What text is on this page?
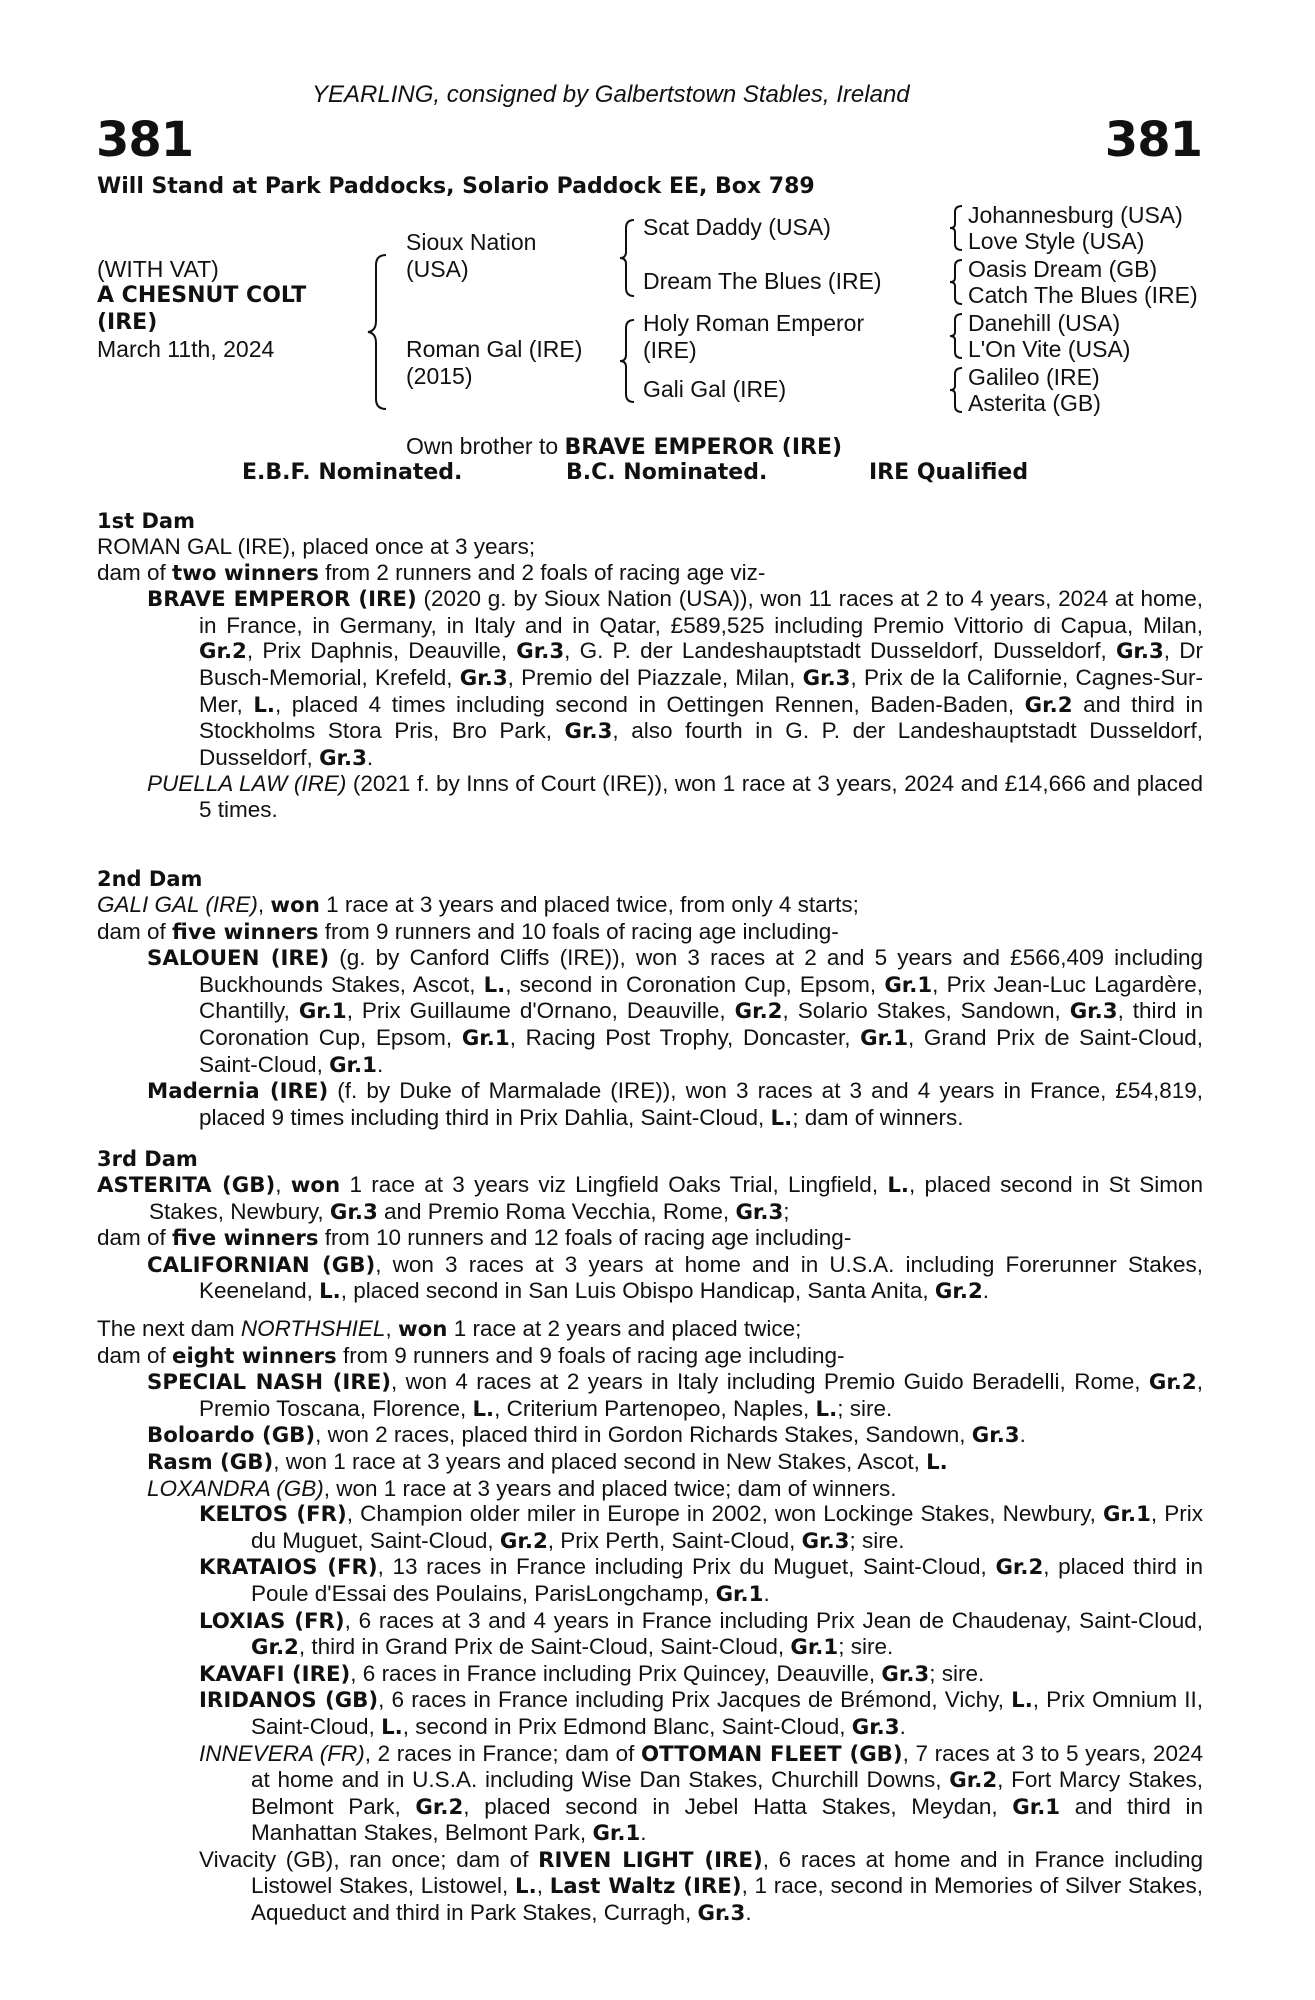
YEARLING, consigned by Galbertstown Stables, Ireland
381	381
Will Stand at Park Paddocks, Solario Paddock EE, Box 789
(WITH VAT)
A CHESNUT COLT
(IRE)
March 11th, 2024
Sioux Nation
(USA)
Roman Gal (IRE)
(2015)
Scat Daddy (USA)
Dream The Blues (IRE)
Holy Roman Emperor
(IRE)
Gali Gal (IRE)
Johannesburg (USA)
Love Style (USA)
Oasis Dream (GB)
Catch The Blues (IRE)
Danehill (USA)
L'On Vite (USA)
Galileo (IRE)
Asterita (GB)
Own brother to BRAVE EMPEROR (IRE)
E.B.F. Nominated.	B.C. Nominated.	IRE Qualified

1st Dam

ROMAN GAL (IRE), placed once at 3 years;

dam of two winners from 2 runners and 2 foals of racing age viz-

BRAVE EMPEROR (IRE) (2020 g. by Sioux Nation (USA)), won 11 races at 2 to 4 years, 2024 at home, in France, in Germany, in Italy and in Qatar, £589,525 including Premio Vittorio di Capua, Milan, Gr.2, Prix Daphnis, Deauville, Gr.3, G. P. der Landeshauptstadt Dusseldorf, Dusseldorf, Gr.3, Dr Busch-Memorial, Krefeld, Gr.3, Premio del Piazzale, Milan, Gr.3, Prix de la Californie, Cagnes-Sur-Mer, L., placed 4 times including second in Oettingen Rennen, Baden-Baden, Gr.2 and third in Stockholms Stora Pris, Bro Park, Gr.3, also fourth in G. P. der Landeshauptstadt Dusseldorf, Dusseldorf, Gr.3.

PUELLA LAW (IRE) (2021 f. by Inns of Court (IRE)), won 1 race at 3 years, 2024 and £14,666 and placed 5 times.

2nd Dam

GALI GAL (IRE), won 1 race at 3 years and placed twice, from only 4 starts;

dam of five winners from 9 runners and 10 foals of racing age including-

SALOUEN (IRE) (g. by Canford Cliffs (IRE)), won 3 races at 2 and 5 years and £566,409 including Buckhounds Stakes, Ascot, L., second in Coronation Cup, Epsom, Gr.1, Prix Jean-Luc Lagardère, Chantilly, Gr.1, Prix Guillaume d'Ornano, Deauville, Gr.2, Solario Stakes, Sandown, Gr.3, third in Coronation Cup, Epsom, Gr.1, Racing Post Trophy, Doncaster, Gr.1, Grand Prix de Saint-Cloud, Saint-Cloud, Gr.1.

Madernia (IRE) (f. by Duke of Marmalade (IRE)), won 3 races at 3 and 4 years in France, £54,819, placed 9 times including third in Prix Dahlia, Saint-Cloud, L.; dam of winners.

3rd Dam

ASTERITA (GB), won 1 race at 3 years viz Lingfield Oaks Trial, Lingfield, L., placed second in St Simon Stakes, Newbury, Gr.3 and Premio Roma Vecchia, Rome, Gr.3;

dam of five winners from 10 runners and 12 foals of racing age including-

CALIFORNIAN (GB), won 3 races at 3 years at home and in U.S.A. including Forerunner Stakes, Keeneland, L., placed second in San Luis Obispo Handicap, Santa Anita, Gr.2.

The next dam NORTHSHIEL, won 1 race at 2 years and placed twice;

dam of eight winners from 9 runners and 9 foals of racing age including-

SPECIAL NASH (IRE), won 4 races at 2 years in Italy including Premio Guido Beradelli, Rome, Gr.2, Premio Toscana, Florence, L., Criterium Partenopeo, Naples, L.; sire.

Boloardo (GB), won 2 races, placed third in Gordon Richards Stakes, Sandown, Gr.3.

Rasm (GB), won 1 race at 3 years and placed second in New Stakes, Ascot, L.

LOXANDRA (GB), won 1 race at 3 years and placed twice; dam of winners.

KELTOS (FR), Champion older miler in Europe in 2002, won Lockinge Stakes, Newbury, Gr.1, Prix du Muguet, Saint-Cloud, Gr.2, Prix Perth, Saint-Cloud, Gr.3; sire.

KRATAIOS (FR), 13 races in France including Prix du Muguet, Saint-Cloud, Gr.2, placed third in Poule d'Essai des Poulains, ParisLongchamp, Gr.1.

LOXIAS (FR), 6 races at 3 and 4 years in France including Prix Jean de Chaudenay, Saint-Cloud, Gr.2, third in Grand Prix de Saint-Cloud, Saint-Cloud, Gr.1; sire.

KAVAFI (IRE), 6 races in France including Prix Quincey, Deauville, Gr.3; sire.

IRIDANOS (GB), 6 races in France including Prix Jacques de Brémond, Vichy, L., Prix Omnium II, Saint-Cloud, L., second in Prix Edmond Blanc, Saint-Cloud, Gr.3.

INNEVERA (FR), 2 races in France; dam of OTTOMAN FLEET (GB), 7 races at 3 to 5 years, 2024 at home and in U.S.A. including Wise Dan Stakes, Churchill Downs, Gr.2, Fort Marcy Stakes, Belmont Park, Gr.2, placed second in Jebel Hatta Stakes, Meydan, Gr.1 and third in Manhattan Stakes, Belmont Park, Gr.1.

Vivacity (GB), ran once; dam of RIVEN LIGHT (IRE), 6 races at home and in France including Listowel Stakes, Listowel, L., Last Waltz (IRE), 1 race, second in Memories of Silver Stakes, Aqueduct and third in Park Stakes, Curragh, Gr.3.
